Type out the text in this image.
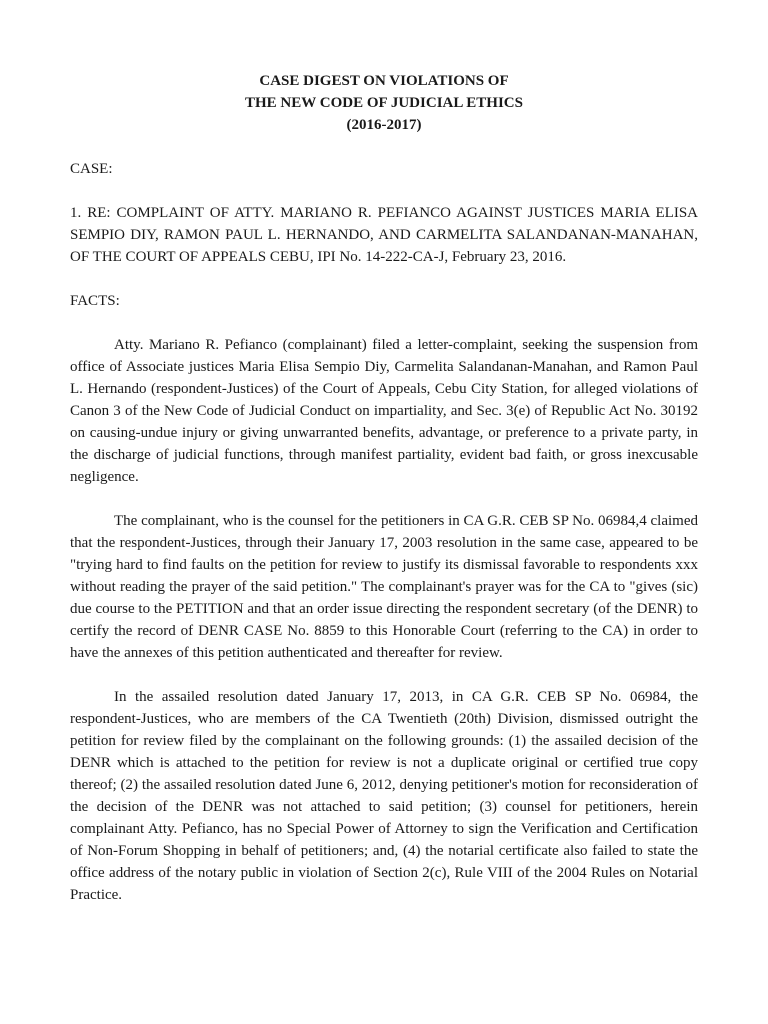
CASE DIGEST ON VIOLATIONS OF

THE NEW CODE OF JUDICIAL ETHICS

(2016-2017)

CASE:

1. RE: COMPLAINT OF ATTY. MARIANO R. PEFIANCO AGAINST JUSTICES MARIA ELISA SEMPIO DIY, RAMON PAUL L. HERNANDO, AND CARMELITA SALANDANAN-MANAHAN, OF THE COURT OF APPEALS CEBU, IPI No. 14-222-CA-J, February 23, 2016.

FACTS:

Atty. Mariano R. Pefianco (complainant) filed a letter-complaint, seeking the suspension from office of Associate justices Maria Elisa Sempio Diy, Carmelita Salandanan-Manahan, and Ramon Paul L. Hernando (respondent-Justices) of the Court of Appeals, Cebu City Station, for alleged violations of Canon 3 of the New Code of Judicial Conduct on impartiality, and Sec. 3(e) of Republic Act No. 30192 on causing-undue injury or giving unwarranted benefits, advantage, or preference to a private party, in the discharge of judicial functions, through manifest partiality, evident bad faith, or gross inexcusable negligence.

The complainant, who is the counsel for the petitioners in CA G.R. CEB SP No. 06984,4 claimed that the respondent-Justices, through their January 17, 2003 resolution in the same case, appeared to be "trying hard to find faults on the petition for review to justify its dismissal favorable to respondents xxx without reading the prayer of the said petition." The complainant's prayer was for the CA to "gives (sic) due course to the PETITION and that an order issue directing the respondent secretary (of the DENR) to certify the record of DENR CASE No. 8859 to this Honorable Court (referring to the CA) in order to have the annexes of this petition authenticated and thereafter for review.

In the assailed resolution dated January 17, 2013, in CA G.R. CEB SP No. 06984, the respondent-Justices, who are members of the CA Twentieth (20th) Division, dismissed outright the petition for review filed by the complainant on the following grounds: (1) the assailed decision of the DENR which is attached to the petition for review is not a duplicate original or certified true copy thereof; (2) the assailed resolution dated June 6, 2012, denying petitioner's motion for reconsideration of the decision of the DENR was not attached to said petition; (3) counsel for petitioners, herein complainant Atty. Pefianco, has no Special Power of Attorney to sign the Verification and Certification of Non-Forum Shopping in behalf of petitioners; and, (4) the notarial certificate also failed to state the office address of the notary public in violation of Section 2(c), Rule VIII of the 2004 Rules on Notarial Practice.
